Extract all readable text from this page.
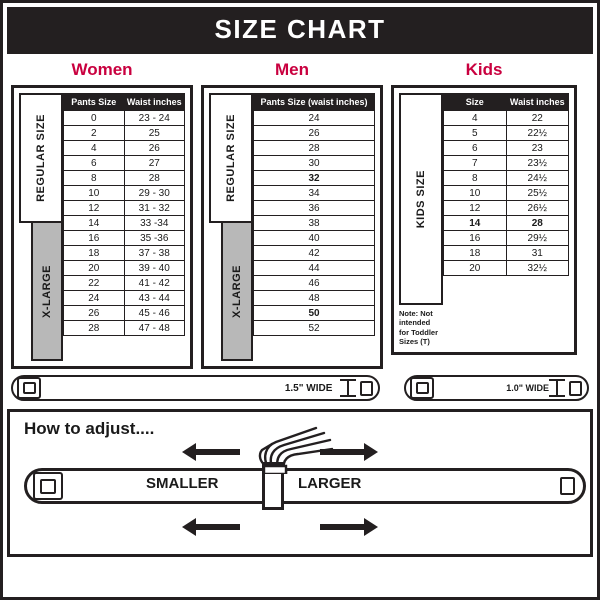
SIZE CHART
Women
REGULAR SIZE
X-LARGE
Pants Size	Waist inches
0	23 - 24
2	25
4	26
6	27
8	28
10	29 - 30
12	31 - 32
14	33 -34
16	35 -36
18	37 - 38
20	39 - 40
22	41 - 42
24	43 - 44
26	45 - 46
28	47 - 48
Men
REGULAR SIZE
X-LARGE
Pants Size (waist inches)
24
26
28
30
32
34
36
38
40
42
44
46
48
50
52
Kids
KIDS SIZE
Note: Not intended for Toddler Sizes (T)
Size	Waist inches
4	22
5	22½
6	23
7	23½
8	24½
10	25½
12	26½
14	28
16	29½
18	31
20	32½
1.5" WIDE	1.0" WIDE
How to adjust....
SMALLER	LARGER
